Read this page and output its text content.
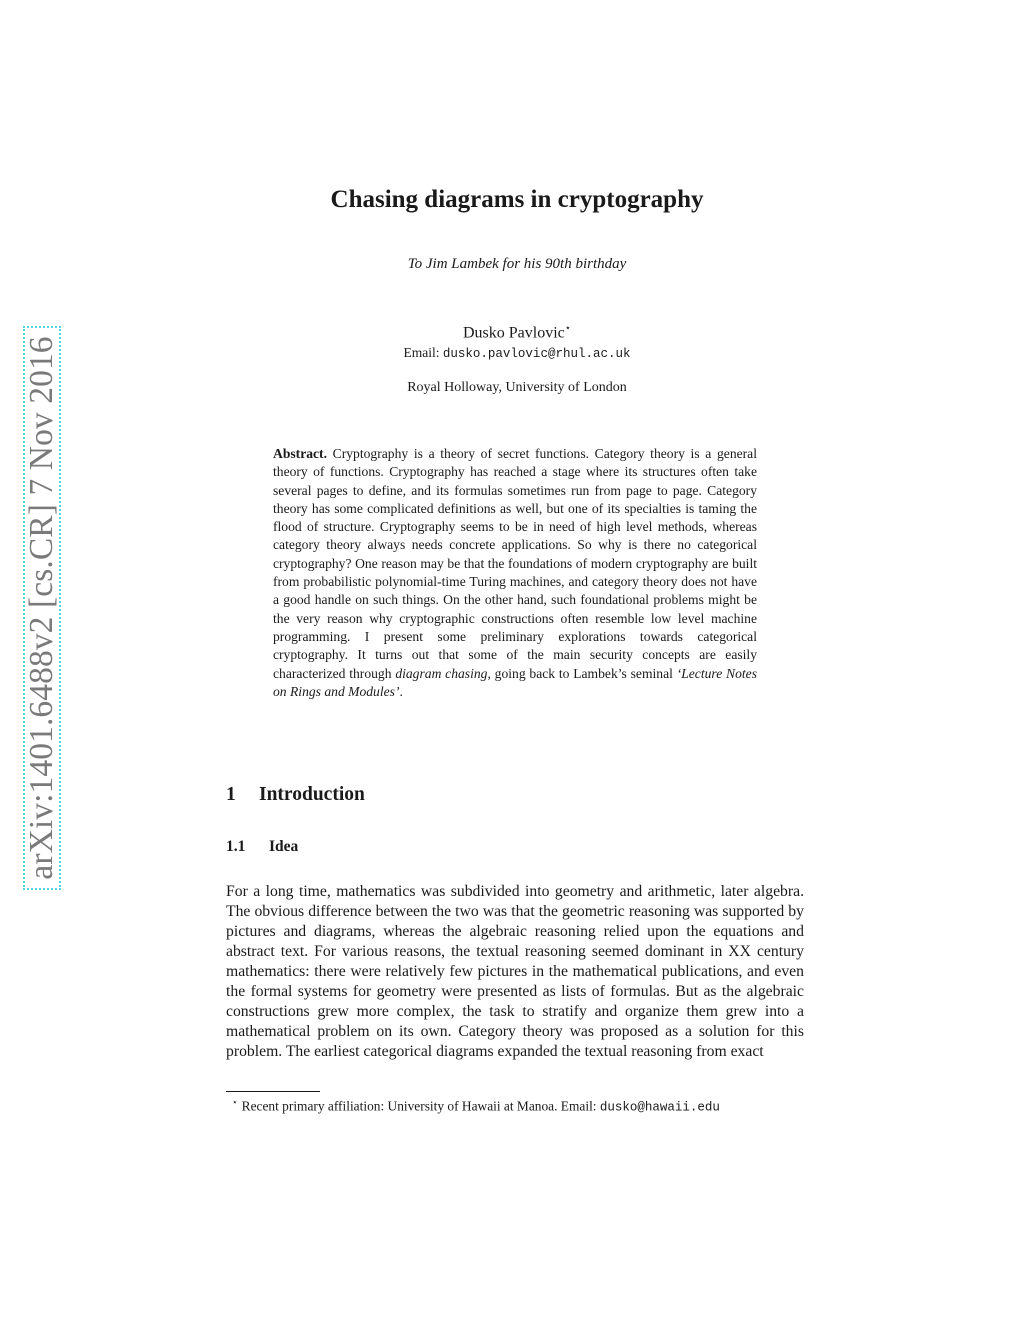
arXiv:1401.6488v2 [cs.CR] 7 Nov 2016
Chasing diagrams in cryptography
To Jim Lambek for his 90th birthday
Dusko Pavlovic⋆
Email: dusko.pavlovic@rhul.ac.uk
Royal Holloway, University of London
Abstract. Cryptography is a theory of secret functions. Category theory is a general theory of functions. Cryptography has reached a stage where its structures often take several pages to define, and its formulas sometimes run from page to page. Category theory has some complicated definitions as well, but one of its specialties is taming the flood of structure. Cryptography seems to be in need of high level methods, whereas category theory always needs concrete applications. So why is there no categorical cryptography? One reason may be that the foundations of modern cryptography are built from probabilistic polynomial-time Turing machines, and category theory does not have a good handle on such things. On the other hand, such foundational problems might be the very reason why cryptographic constructions often resemble low level machine programming. I present some preliminary explorations towards categorical cryptography. It turns out that some of the main security concepts are easily characterized through diagram chasing, going back to Lambek’s seminal ‘Lecture Notes on Rings and Modules’.
1 Introduction
1.1 Idea
For a long time, mathematics was subdivided into geometry and arithmetic, later algebra. The obvious difference between the two was that the geometric reasoning was supported by pictures and diagrams, whereas the algebraic reasoning relied upon the equations and abstract text. For various reasons, the textual reasoning seemed dominant in XX century mathematics: there were relatively few pictures in the mathematical publications, and even the formal systems for geometry were presented as lists of formulas. But as the algebraic constructions grew more complex, the task to stratify and organize them grew into a mathematical problem on its own. Category theory was proposed as a solution for this problem. The earliest categorical diagrams expanded the textual reasoning from exact
⋆ Recent primary affiliation: University of Hawaii at Manoa. Email: dusko@hawaii.edu
